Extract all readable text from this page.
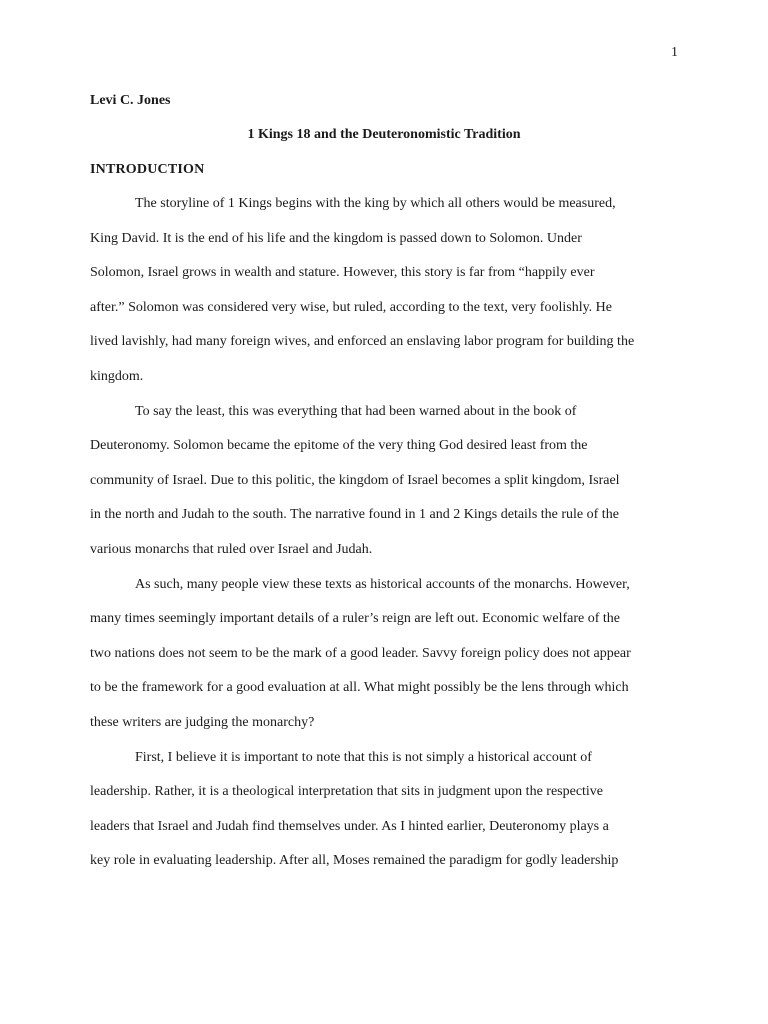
1
Levi C. Jones
1 Kings 18 and the Deuteronomistic Tradition
INTRODUCTION
The storyline of 1 Kings begins with the king by which all others would be measured,
King David. It is the end of his life and the kingdom is passed down to Solomon. Under
Solomon, Israel grows in wealth and stature. However, this story is far from “happily ever
after.” Solomon was considered very wise, but ruled, according to the text, very foolishly. He
lived lavishly, had many foreign wives, and enforced an enslaving labor program for building the
kingdom.
To say the least, this was everything that had been warned about in the book of
Deuteronomy. Solomon became the epitome of the very thing God desired least from the
community of Israel. Due to this politic, the kingdom of Israel becomes a split kingdom, Israel
in the north and Judah to the south. The narrative found in 1 and 2 Kings details the rule of the
various monarchs that ruled over Israel and Judah.
As such, many people view these texts as historical accounts of the monarchs. However,
many times seemingly important details of a ruler’s reign are left out. Economic welfare of the
two nations does not seem to be the mark of a good leader. Savvy foreign policy does not appear
to be the framework for a good evaluation at all. What might possibly be the lens through which
these writers are judging the monarchy?
First, I believe it is important to note that this is not simply a historical account of
leadership. Rather, it is a theological interpretation that sits in judgment upon the respective
leaders that Israel and Judah find themselves under. As I hinted earlier, Deuteronomy plays a
key role in evaluating leadership. After all, Moses remained the paradigm for godly leadership
